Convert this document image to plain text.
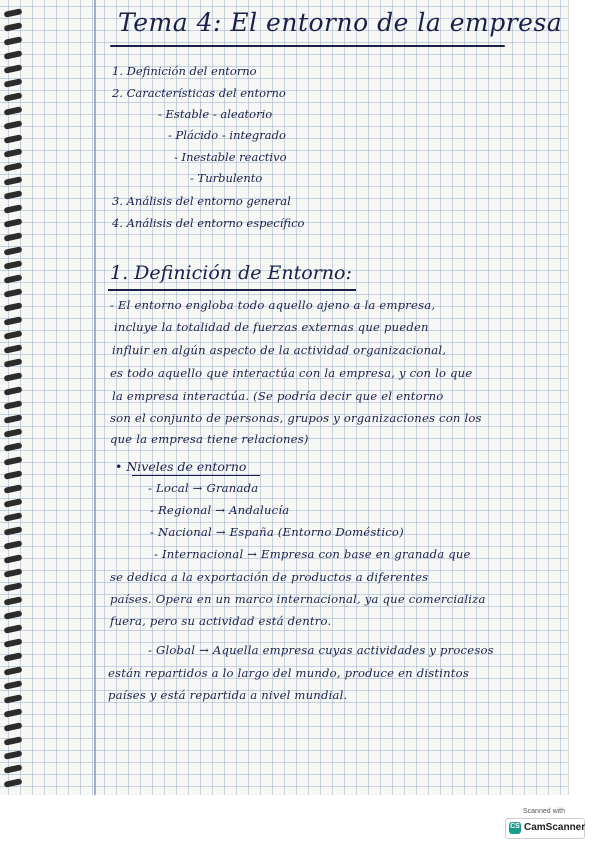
Tema 4: El entorno de la empresa
1. Definición del entorno
2. Características del entorno
- Estable - aleatorio
- Plácido - integrado
- Inestable reactivo
- Turbulento
3. Análisis del entorno general
4. Análisis del entorno específico
1. Definición de Entorno:
- El entorno engloba todo aquello ajeno a la empresa,
incluye la totalidad de fuerzas externas que pueden
influir en algún aspecto de la actividad organizacional,
es todo aquello que interactúa con la empresa, y con lo que
la empresa interactúa. (Se podría decir que el entorno
son el conjunto de personas, grupos y organizaciones con los
que la empresa tiene relaciones)
• Niveles de entorno
- Local → Granada
- Regional → Andalucía
- Nacional → España (Entorno Doméstico)
- Internacional → Empresa con base en granada que
se dedica a la exportación de productos a diferentes
países. Opera en un marco internacional, ya que comercializa
fuera, pero su actividad está dentro.
- Global → Aquella empresa cuyas actividades y procesos
están repartidos a lo largo del mundo, produce en distintos
países y está repartida a nivel mundial.
Scanned with
CS CamScanner
